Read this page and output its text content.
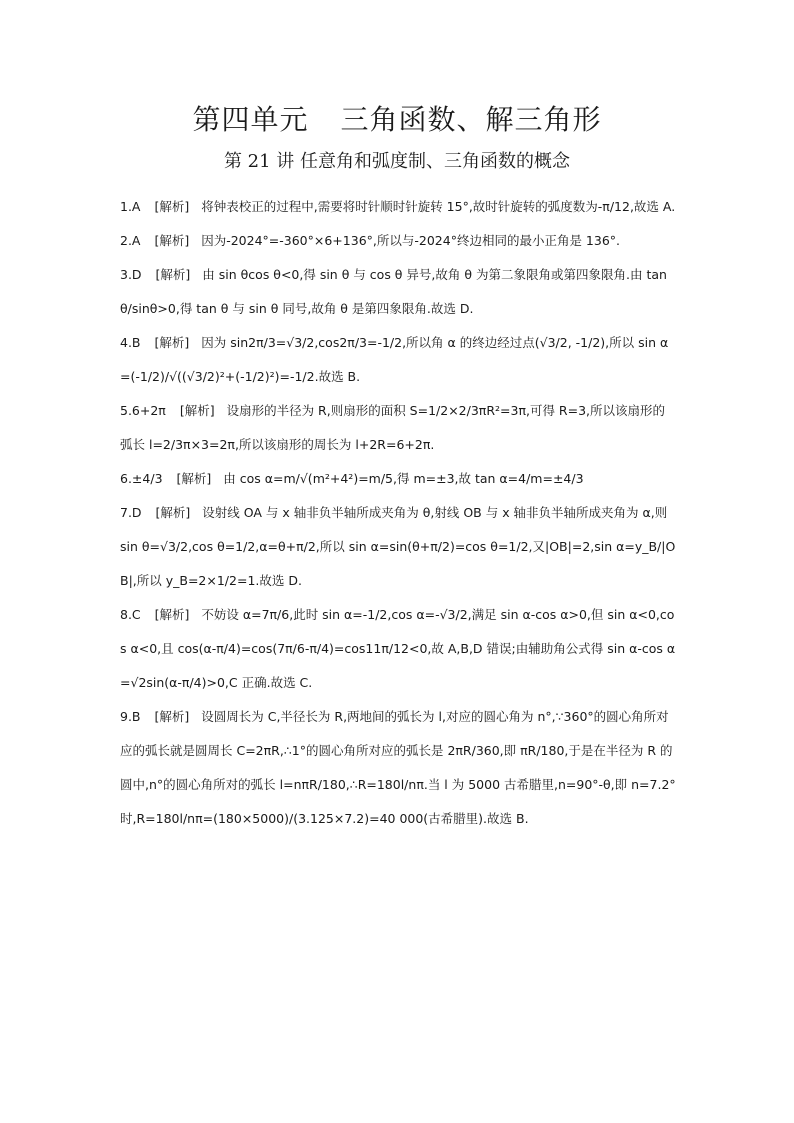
第四单元 三角函数、解三角形
第 21 讲 任意角和弧度制、三角函数的概念

1.A [解析] 将钟表校正的过程中,需要将时针顺时针旋转 15°,故时针旋转的弧度数为-π/12,故选 A.

2.A [解析] 因为-2024°=-360°×6+136°,所以与-2024°终边相同的最小正角是 136°.

3.D [解析] 由 sin θcos θ<0,得 sin θ 与 cos θ 异号,故角 θ 为第二象限角或第四象限角.由 tanθ/sinθ>0,得 tan θ 与 sin θ 同号,故角 θ 是第四象限角.故选 D.

4.B [解析] 因为 sin2π/3=√3/2,cos2π/3=-1/2,所以角 α 的终边经过点(√3/2, -1/2),所以 sin α=(-1/2)/√((√3/2)²+(-1/2)²)=-1/2.故选 B.

5.6+2π [解析] 设扇形的半径为 R,则扇形的面积 S=1/2×2/3πR²=3π,可得 R=3,所以该扇形的弧长 l=2/3π×3=2π,所以该扇形的周长为 l+2R=6+2π.

6.±4/3 [解析] 由 cos α=m/√(m²+4²)=m/5,得 m=±3,故 tan α=4/m=±4/3

7.D [解析] 设射线 OA 与 x 轴非负半轴所成夹角为 θ,射线 OB 与 x 轴非负半轴所成夹角为 α,则 sin θ=√3/2,cos θ=1/2,α=θ+π/2,所以 sin α=sin(θ+π/2)=cos θ=1/2,又|OB|=2,sin α=y_B/|OB|,所以 y_B=2×1/2=1.故选 D.

8.C [解析] 不妨设 α=7π/6,此时 sin α=-1/2,cos α=-√3/2,满足 sin α-cos α>0,但 sin α<0,cos α<0,且 cos(α-π/4)=cos(7π/6-π/4)=cos11π/12<0,故 A,B,D 错误;由辅助角公式得 sin α-cos α=√2sin(α-π/4)>0,C 正确.故选 C.

9.B [解析] 设圆周长为 C,半径长为 R,两地间的弧长为 l,对应的圆心角为 n°,∵360°的圆心角所对应的弧长就是圆周长 C=2πR,∴1°的圆心角所对应的弧长是 2πR/360,即 πR/180,于是在半径为 R 的圆中,n°的圆心角所对的弧长 l=nπR/180,∴R=180l/nπ.当 l 为 5000 古希腊里,n=90°-θ,即 n=7.2°时,R=180l/nπ=(180×5000)/(3.125×7.2)=40 000(古希腊里).故选 B.
